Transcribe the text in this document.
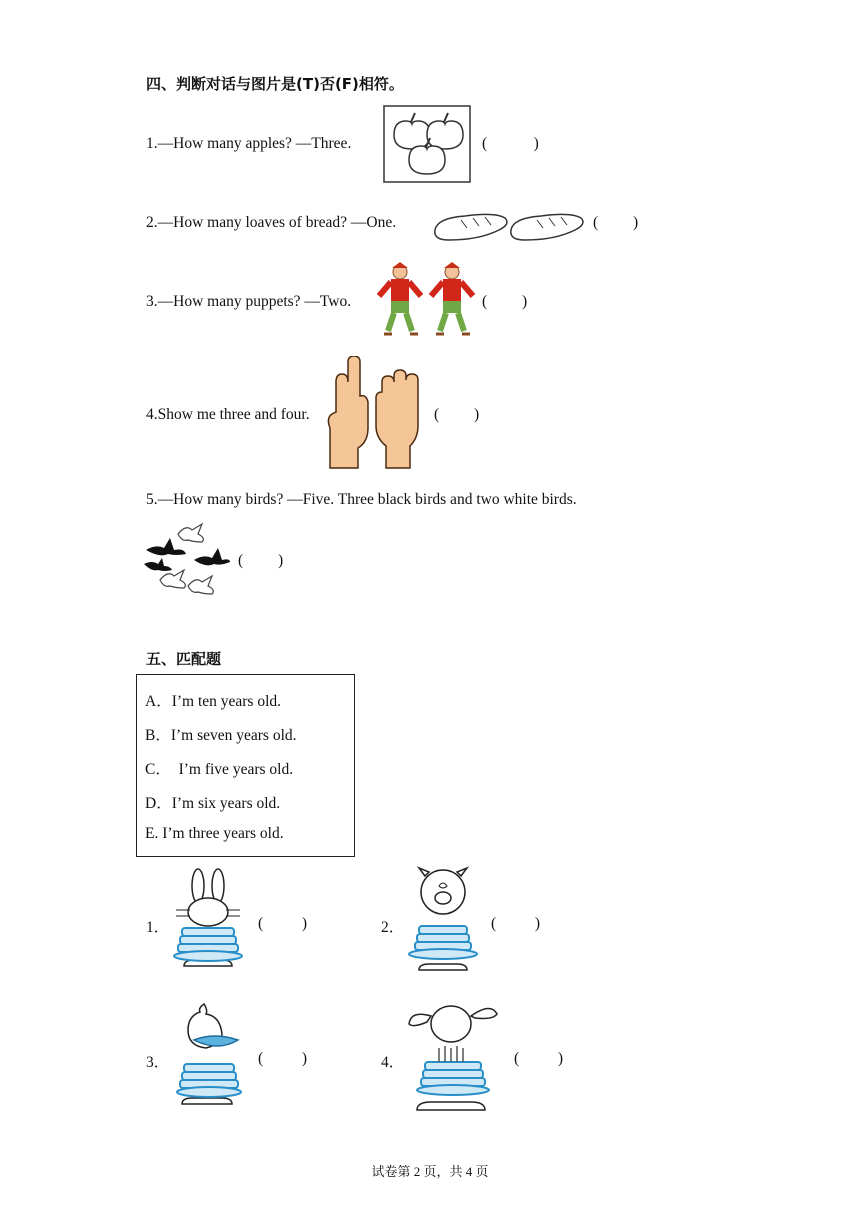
四、判断对话与图片是(T)否(F)相符。
1.—How many apples? —Three.	(            )
2.—How many loaves of bread? —One.	(         )
3.—How many puppets? —Two.	(         )
4.Show me three and four.	(         )
5.—How many birds? —Five. Three black birds and two white birds.
(         )
五、匹配题
A．I’m ten years old.
B．I’m seven years old.
C．  I’m five years old.
D．I’m six years old.
E. I’m three years old.
1．	(          )	2．	(          )
3．	(          )	4．	(          )
试卷第 2 页，共 4 页
